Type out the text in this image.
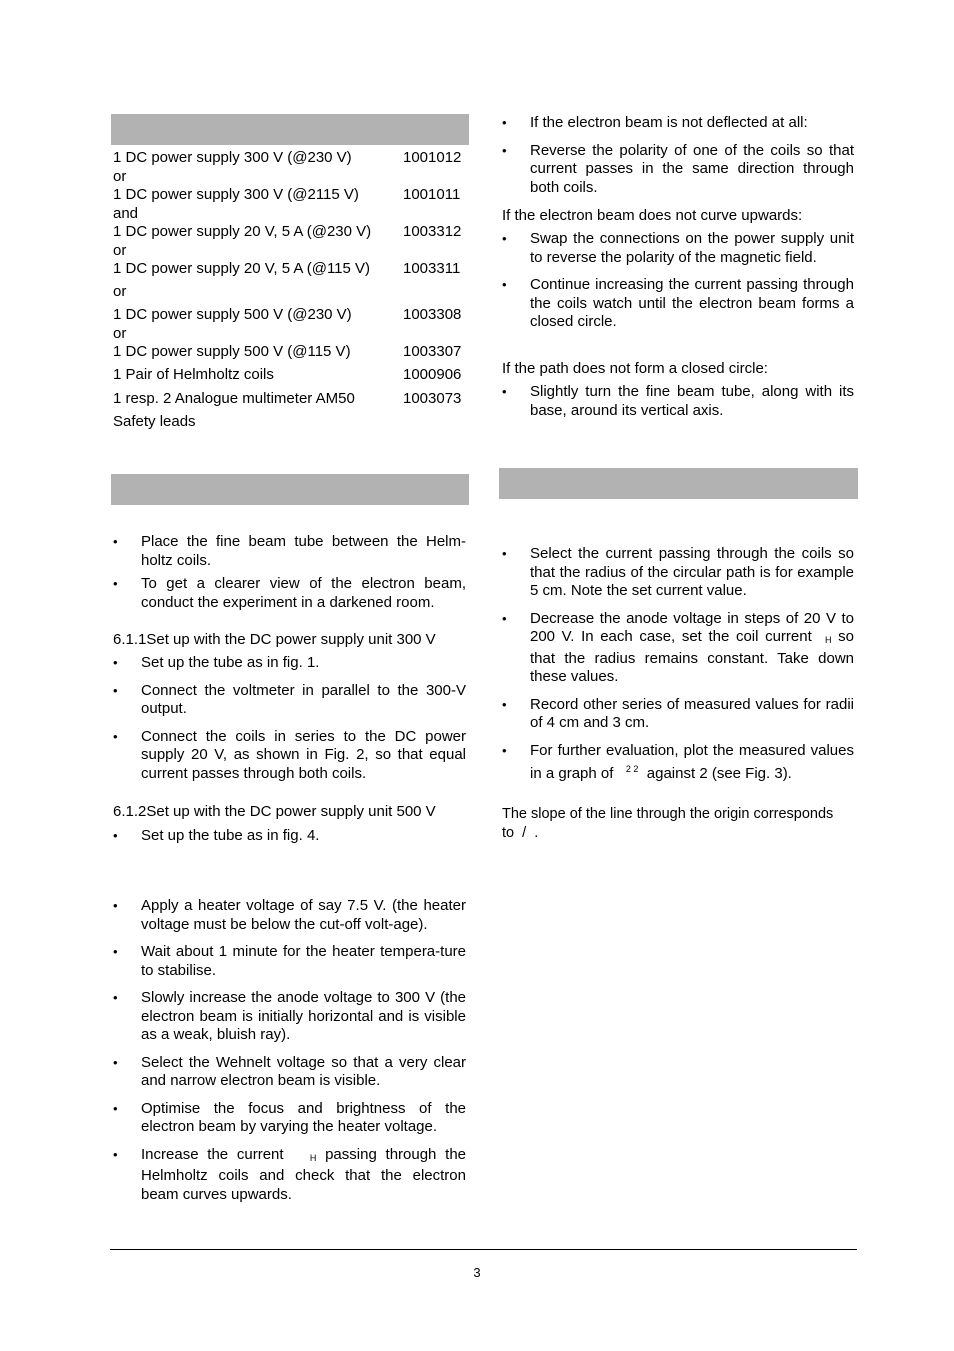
1 DC power supply 300 V (@230 V)	1001012
or
1 DC power supply 300 V (@2115 V)	1001011
and
1 DC power supply 20 V, 5 A (@230 V) 1003312
or
1 DC power supply 20 V, 5 A (@115 V) 1003311
or
1 DC power supply 500 V (@230 V)	1003308
or
1 DC power supply 500 V (@115 V)	1003307
1 Pair of Helmholtz coils	1000906
1 resp. 2 Analogue multimeter AM50	1003073
Safety leads
• Place the fine beam tube between the Helm-holtz coils.
• To get a clearer view of the electron beam, conduct the experiment in a darkened room.
6.1.1Set up with the DC power supply unit 300 V
• Set up the tube as in fig. 1.
• Connect the voltmeter in parallel to the 300-V output.
• Connect the coils in series to the DC power supply 20 V, as shown in Fig. 2, so that equal current passes through both coils.
6.1.2Set up with the DC power supply unit 500 V
• Set up the tube as in fig. 4.
• Apply a heater voltage of say 7.5 V. (the heater voltage must be below the cut-off volt-age).
• Wait about 1 minute for the heater tempera-ture to stabilise.
• Slowly increase the anode voltage to 300 V (the electron beam is initially horizontal and is visible as a weak, bluish ray).
• Select the Wehnelt voltage so that a very clear and narrow electron beam is visible.
• Optimise the focus and brightness of the electron beam by varying the heater voltage.
• Increase the current	$_H$ passing through the Helmholtz coils and check that the electron beam curves upwards.
• If the electron beam is not deflected at all:
• Reverse the polarity of one of the coils so that current passes in the same direction through both coils.
If the electron beam does not curve upwards:
• Swap the connections on the power supply unit to reverse the polarity of the magnetic field.
• Continue increasing the current passing through the coils watch until the electron beam forms a closed circle.
If the path does not form a closed circle:
• Slightly turn the fine beam tube, along with its base, around its vertical axis.
• Select the current passing through the coils so that the radius of the circular path is for example 5 cm. Note the set current value.
• Decrease the anode voltage in steps of 20 V to 200 V. In each case, set the coil current $_H$ so that the radius remains constant. Take down these values.
• Record other series of measured values for radii of 4 cm and 3 cm.
• For further evaluation, plot the measured values in a graph of $^{2 2}$ against 2 (see Fig. 3).
The slope of the line through the origin corresponds
to  /  .
3
